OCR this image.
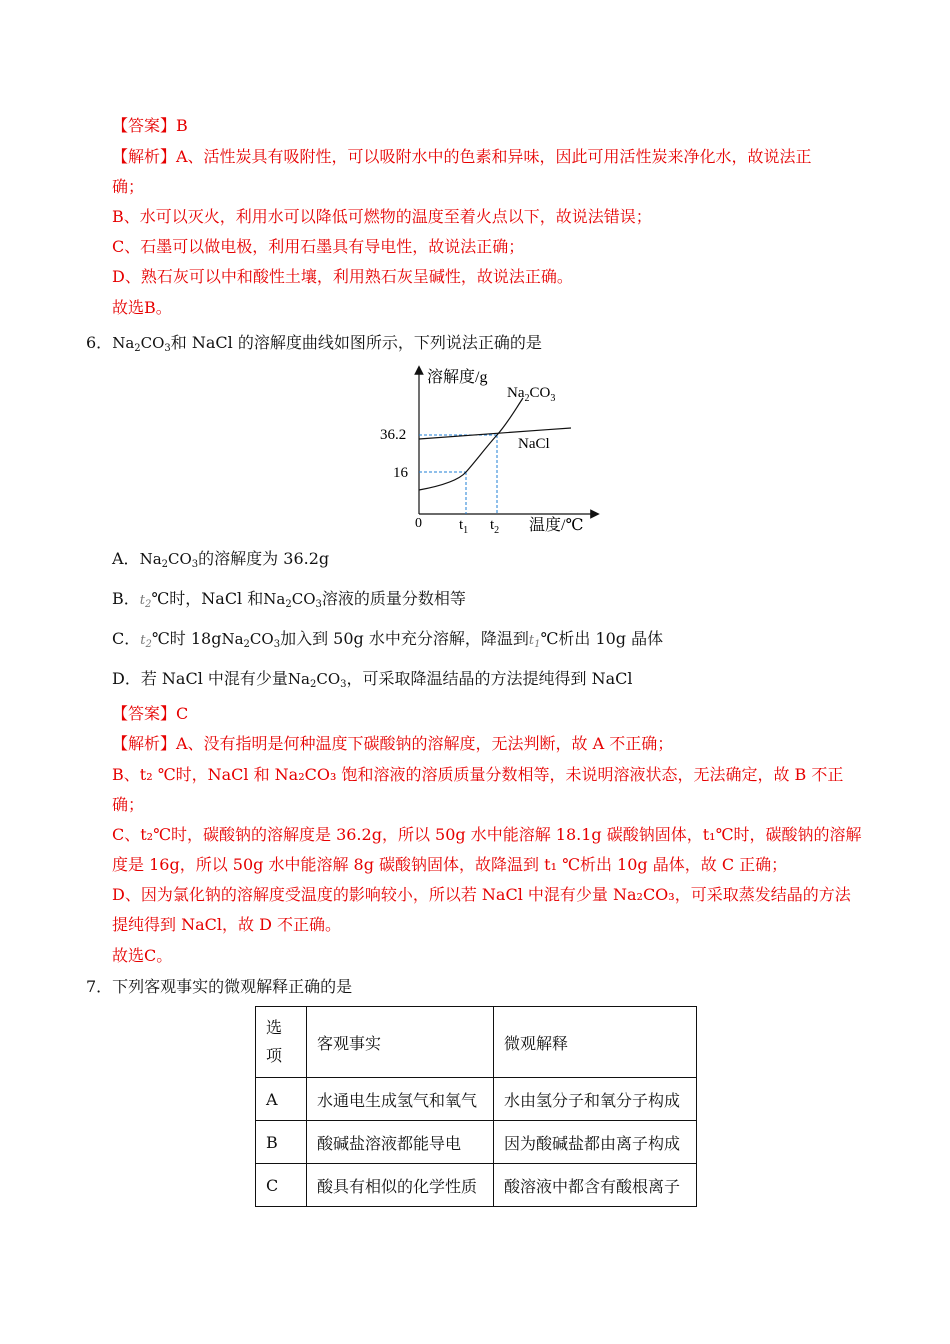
【答案】B
【解析】A、活性炭具有吸附性，可以吸附水中的色素和异味，因此可用活性炭来净化水，故说法正
确；
B、水可以灭火，利用水可以降低可燃物的温度至着火点以下，故说法错误；
C、石墨可以做电极，利用石墨具有导电性，故说法正确；
D、熟石灰可以中和酸性土壤，利用熟石灰呈碱性，故说法正确。
故选B。
6．$Na_2CO_3$和 NaCl 的溶解度曲线如图所示，下列说法正确的是
溶解度/g
温度/℃
0
36.2
16
$t_1$ $t_2$
$Na_2CO_3$
NaCl
A．$Na_2CO_3$的溶解度为 36.2g
B．$t_2℃$时，NaCl 和$Na_2CO_3$溶液的质量分数相等
C．$t_2℃$时 $18gNa_2CO_3$加入到 50g 水中充分溶解，降温到$t_1℃$析出 10g 晶体
D．若 NaCl 中混有少量$Na_2CO_3$，可采取降温结晶的方法提纯得到 NaCl
【答案】C
【解析】A、没有指明是何种温度下碳酸钠的溶解度，无法判断，故 A 不正确；
B、t₂ ℃时，NaCl 和 Na₂CO₃ 饱和溶液的溶质质量分数相等，未说明溶液状态，无法确定，故 B 不正
确；
C、t₂℃时，碳酸钠的溶解度是 36.2g，所以 50g 水中能溶解 18.1g 碳酸钠固体，t₁℃时，碳酸钠的溶解
度是 16g，所以 50g 水中能溶解 8g 碳酸钠固体，故降温到 t₁ ℃析出 10g 晶体，故 C 正确；
D、因为氯化钠的溶解度受温度的影响较小，所以若 NaCl 中混有少量 Na₂CO₃，可采取蒸发结晶的方法
提纯得到 NaCl，故 D 不正确。
故选C。
7．下列客观事实的微观解释正确的是
选
项	客观事实	微观解释
A	水通电生成氢气和氧气	水由氢分子和氧分子构成
B	酸碱盐溶液都能导电	因为酸碱盐都由离子构成
C	酸具有相似的化学性质	酸溶液中都含有酸根离子
